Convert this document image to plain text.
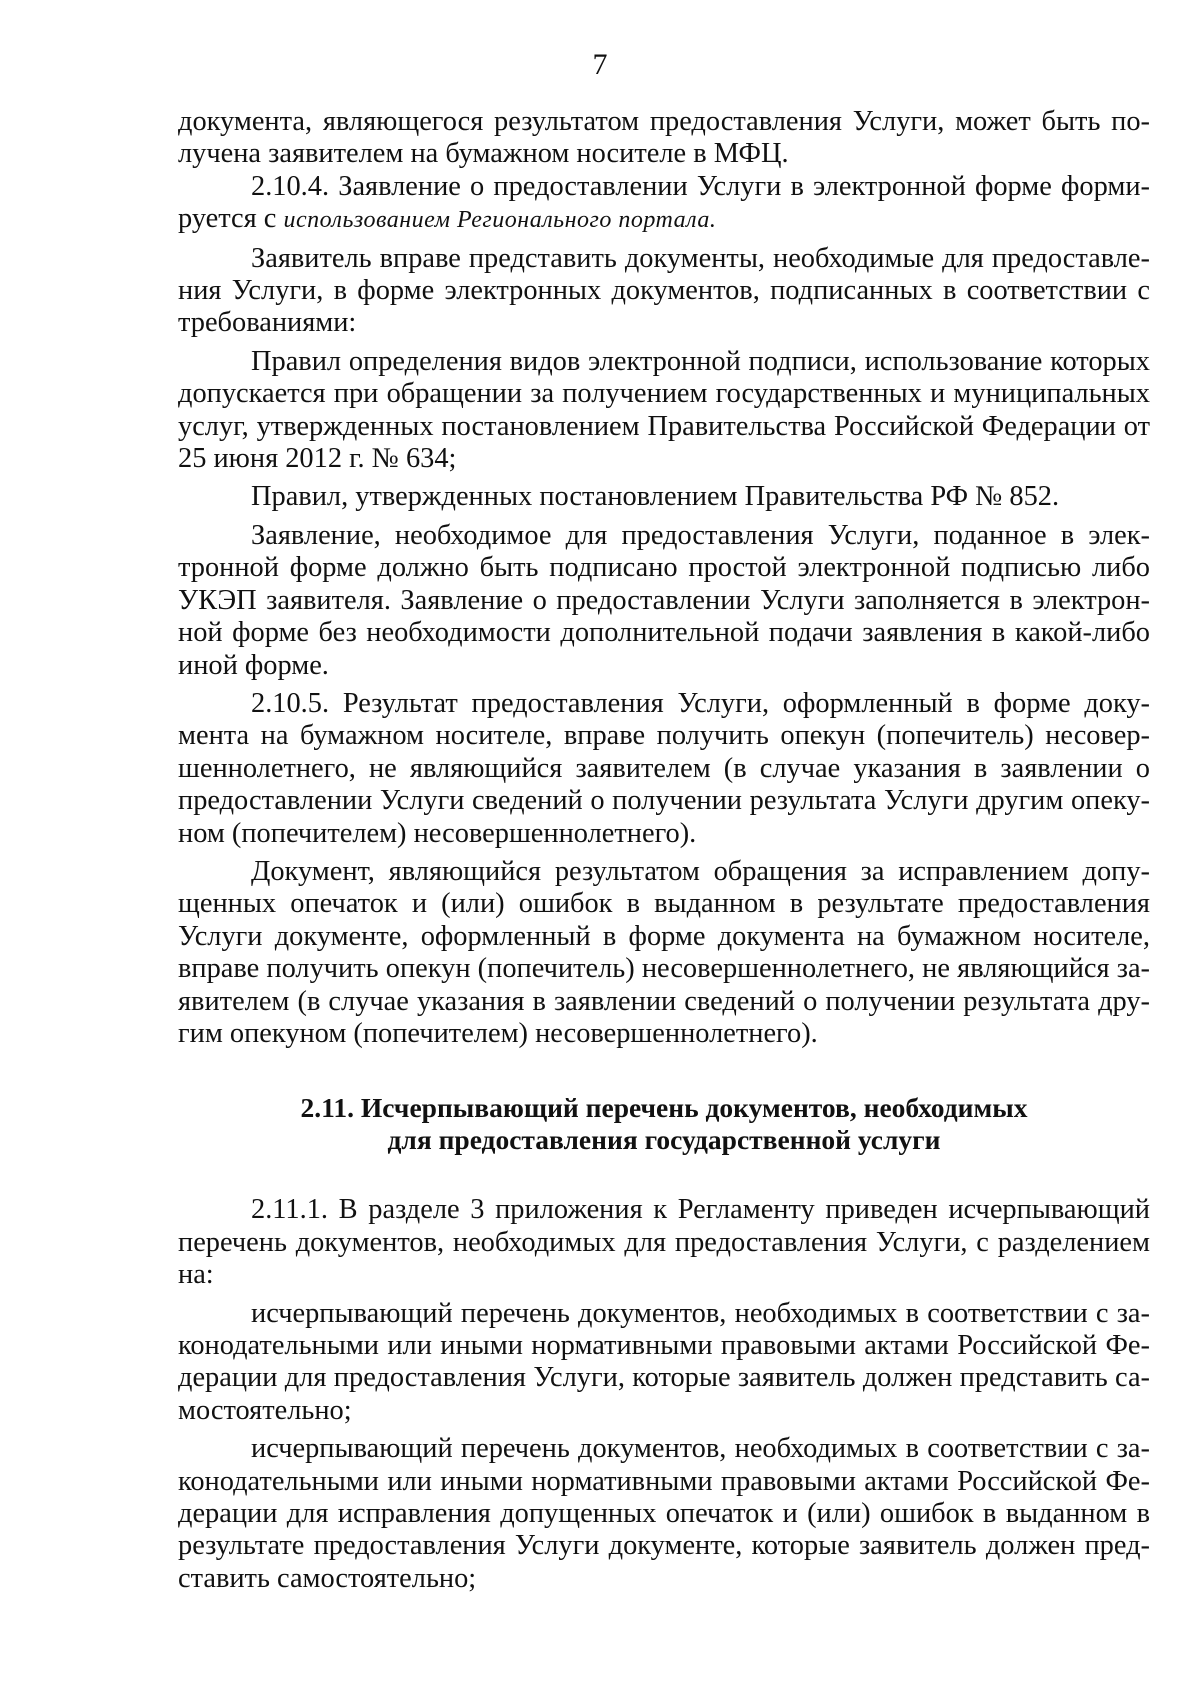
7

документа, являющегося результатом предоставления Услуги, может быть по-лучена заявителем на бумажном носителе в МФЦ.

2.10.4. Заявление о предоставлении Услуги в электронной форме форми-руется с использованием Регионального портала.

Заявитель вправе представить документы, необходимые для предоставле-ния Услуги, в форме электронных документов, подписанных в соответствии с требованиями:

Правил определения видов электронной подписи, использование которых допускается при обращении за получением государственных и муниципальных услуг, утвержденных постановлением Правительства Российской Федерации от 25 июня 2012 г. № 634;

Правил, утвержденных постановлением Правительства РФ № 852.

Заявление, необходимое для предоставления Услуги, поданное в элек-тронной форме должно быть подписано простой электронной подписью либо УКЭП заявителя. Заявление о предоставлении Услуги заполняется в электрон-ной форме без необходимости дополнительной подачи заявления в какой-либо иной форме.

2.10.5. Результат предоставления Услуги, оформленный в форме доку-мента на бумажном носителе, вправе получить опекун (попечитель) несовер-шеннолетнего, не являющийся заявителем (в случае указания в заявлении о предоставлении Услуги сведений о получении результата Услуги другим опеку-ном (попечителем) несовершеннолетнего).

Документ, являющийся результатом обращения за исправлением допу-щенных опечаток и (или) ошибок в выданном в результате предоставления Услуги документе, оформленный в форме документа на бумажном носителе, вправе получить опекун (попечитель) несовершеннолетнего, не являющийся за-явителем (в случае указания в заявлении сведений о получении результата дру-гим опекуном (попечителем) несовершеннолетнего).

2.11. Исчерпывающий перечень документов, необходимых
для предоставления государственной услуги

2.11.1. В разделе 3 приложения к Регламенту приведен исчерпывающий перечень документов, необходимых для предоставления Услуги, с разделением на:

исчерпывающий перечень документов, необходимых в соответствии с за-конодательными или иными нормативными правовыми актами Российской Фе-дерации для предоставления Услуги, которые заявитель должен представить са-мостоятельно;

исчерпывающий перечень документов, необходимых в соответствии с за-конодательными или иными нормативными правовыми актами Российской Фе-дерации для исправления допущенных опечаток и (или) ошибок в выданном в результате предоставления Услуги документе, которые заявитель должен пред-ставить самостоятельно;
